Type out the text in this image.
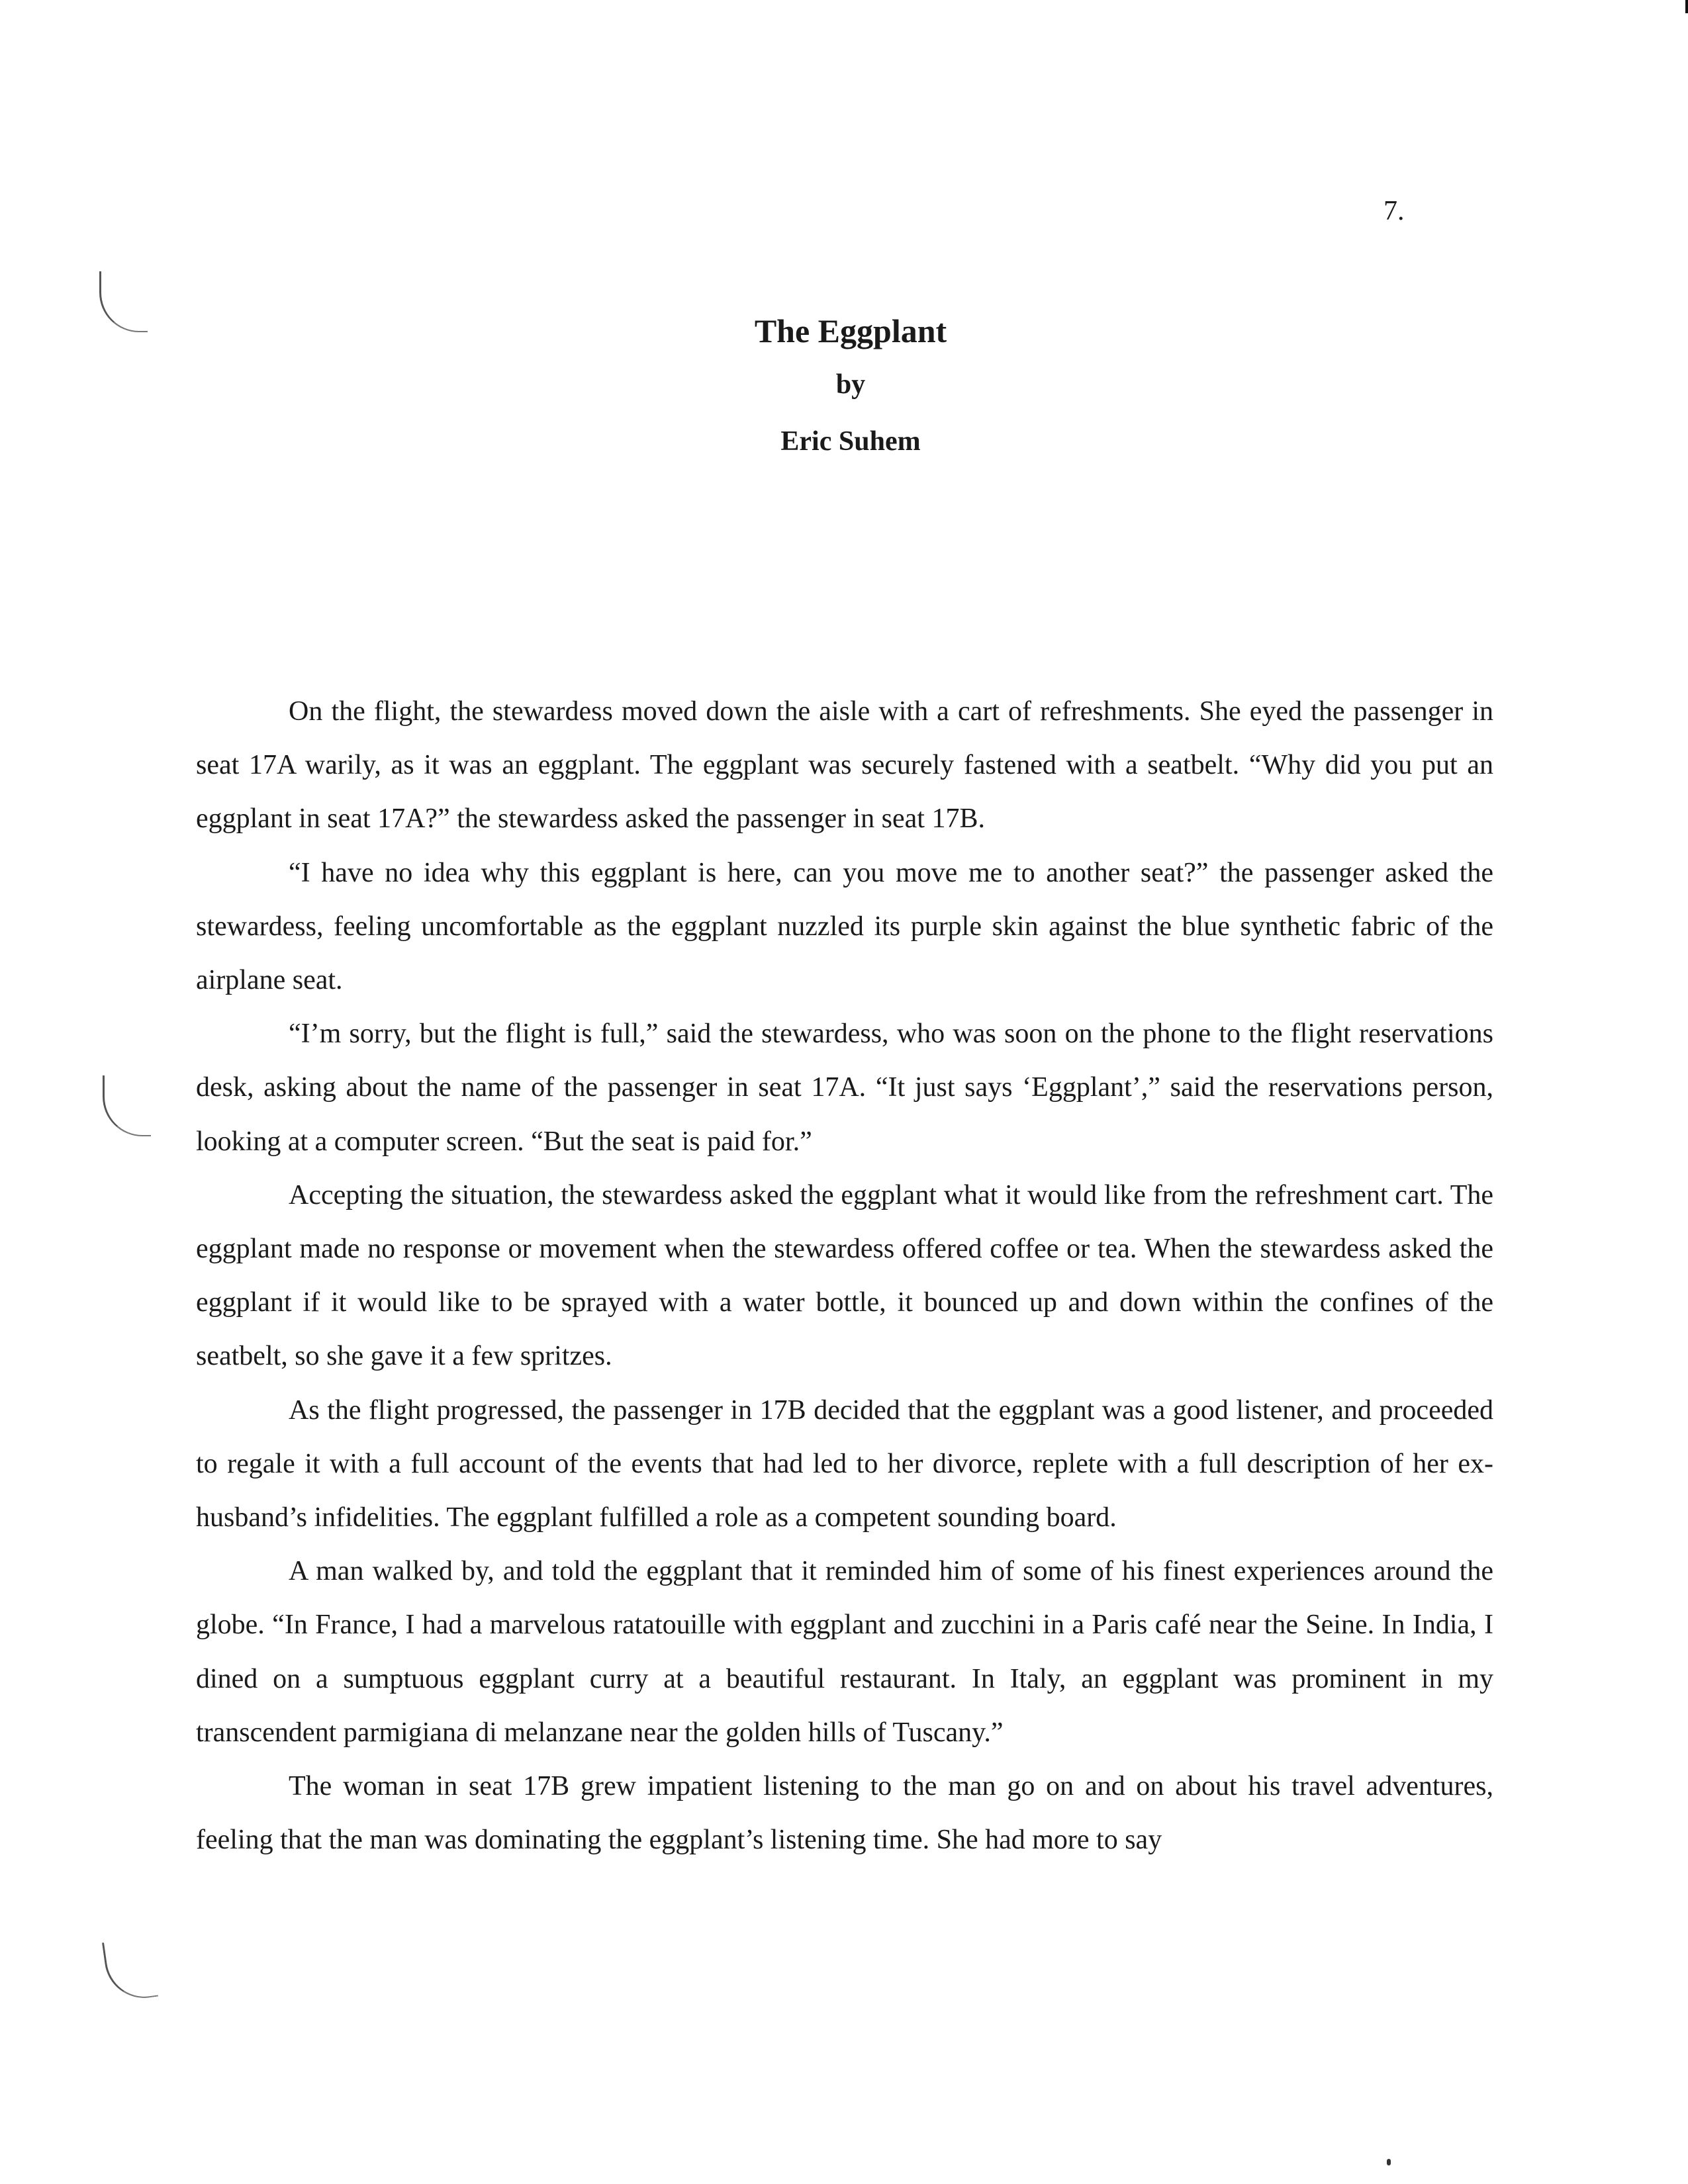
7.
The Eggplant
by
Eric Suhem

On the flight, the stewardess moved down the aisle with a cart of refreshments. She eyed the passenger in seat 17A warily, as it was an eggplant. The eggplant was securely fastened with a seatbelt. “Why did you put an eggplant in seat 17A?” the stewardess asked the passenger in seat 17B.

“I have no idea why this eggplant is here, can you move me to another seat?” the passenger asked the stewardess, feeling uncomfortable as the eggplant nuzzled its purple skin against the blue synthetic fabric of the airplane seat.

“I’m sorry, but the flight is full,” said the stewardess, who was soon on the phone to the flight reservations desk, asking about the name of the passenger in seat 17A. “It just says ‘Eggplant’,” said the reservations person, looking at a computer screen. “But the seat is paid for.”

Accepting the situation, the stewardess asked the eggplant what it would like from the refreshment cart. The eggplant made no response or movement when the stewardess offered coffee or tea. When the stewardess asked the eggplant if it would like to be sprayed with a water bottle, it bounced up and down within the confines of the seatbelt, so she gave it a few spritzes.

As the flight progressed, the passenger in 17B decided that the eggplant was a good listener, and proceeded to regale it with a full account of the events that had led to her divorce, replete with a full description of her ex-husband’s infidelities. The eggplant fulfilled a role as a competent sounding board.

A man walked by, and told the eggplant that it reminded him of some of his finest experiences around the globe. “In France, I had a marvelous ratatouille with eggplant and zucchini in a Paris café near the Seine. In India, I dined on a sumptuous eggplant curry at a beautiful restaurant. In Italy, an eggplant was prominent in my transcendent parmigiana di melanzane near the golden hills of Tuscany.”

The woman in seat 17B grew impatient listening to the man go on and on about his travel adventures, feeling that the man was dominating the eggplant’s listening time. She had more to say
